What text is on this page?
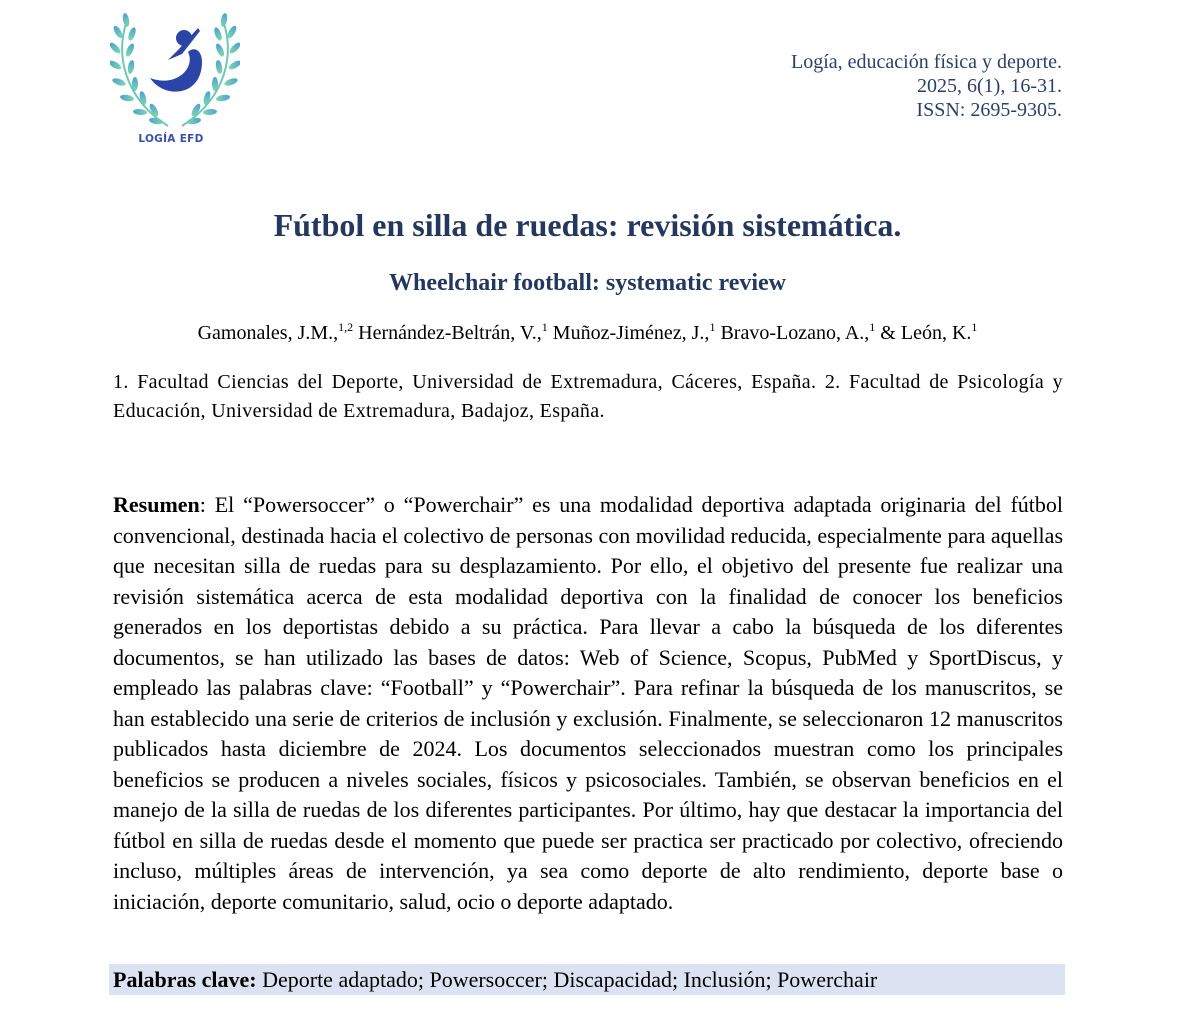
LOGÍA EFD
Logía, educación física y deporte.
2025, 6(1), 16-31.
ISSN: 2695-9305.
Fútbol en silla de ruedas: revisión sistemática.
Wheelchair football: systematic review
Gamonales, J.M.,$^{1,2}$ Hernández-Beltrán, V.,$^1$ Muñoz-Jiménez, J.,$^1$ Bravo-Lozano, A.,$^1$ & León, K.$^1$
1. Facultad Ciencias del Deporte, Universidad de Extremadura, Cáceres, España. 2. Facultad de Psicología y Educación, Universidad de Extremadura, Badajoz, España.
Resumen: El “Powersoccer” o “Powerchair” es una modalidad deportiva adaptada originaria del fútbol convencional, destinada hacia el colectivo de personas con movilidad reducida, especialmente para aquellas que necesitan silla de ruedas para su desplazamiento. Por ello, el objetivo del presente fue realizar una revisión sistemática acerca de esta modalidad deportiva con la finalidad de conocer los beneficios generados en los deportistas debido a su práctica. Para llevar a cabo la búsqueda de los diferentes documentos, se han utilizado las bases de datos: Web of Science, Scopus, PubMed y SportDiscus, y empleado las palabras clave: “Football” y “Powerchair”. Para refinar la búsqueda de los manuscritos, se han establecido una serie de criterios de inclusión y exclusión. Finalmente, se seleccionaron 12 manuscritos publicados hasta diciembre de 2024. Los documentos seleccionados muestran como los principales beneficios se producen a niveles sociales, físicos y psicosociales. También, se observan beneficios en el manejo de la silla de ruedas de los diferentes participantes. Por último, hay que destacar la importancia del fútbol en silla de ruedas desde el momento que puede ser practica ser practicado por colectivo, ofreciendo incluso, múltiples áreas de intervención, ya sea como deporte de alto rendimiento, deporte base o iniciación, deporte comunitario, salud, ocio o deporte adaptado.
Palabras clave: Deporte adaptado; Powersoccer; Discapacidad; Inclusión; Powerchair
